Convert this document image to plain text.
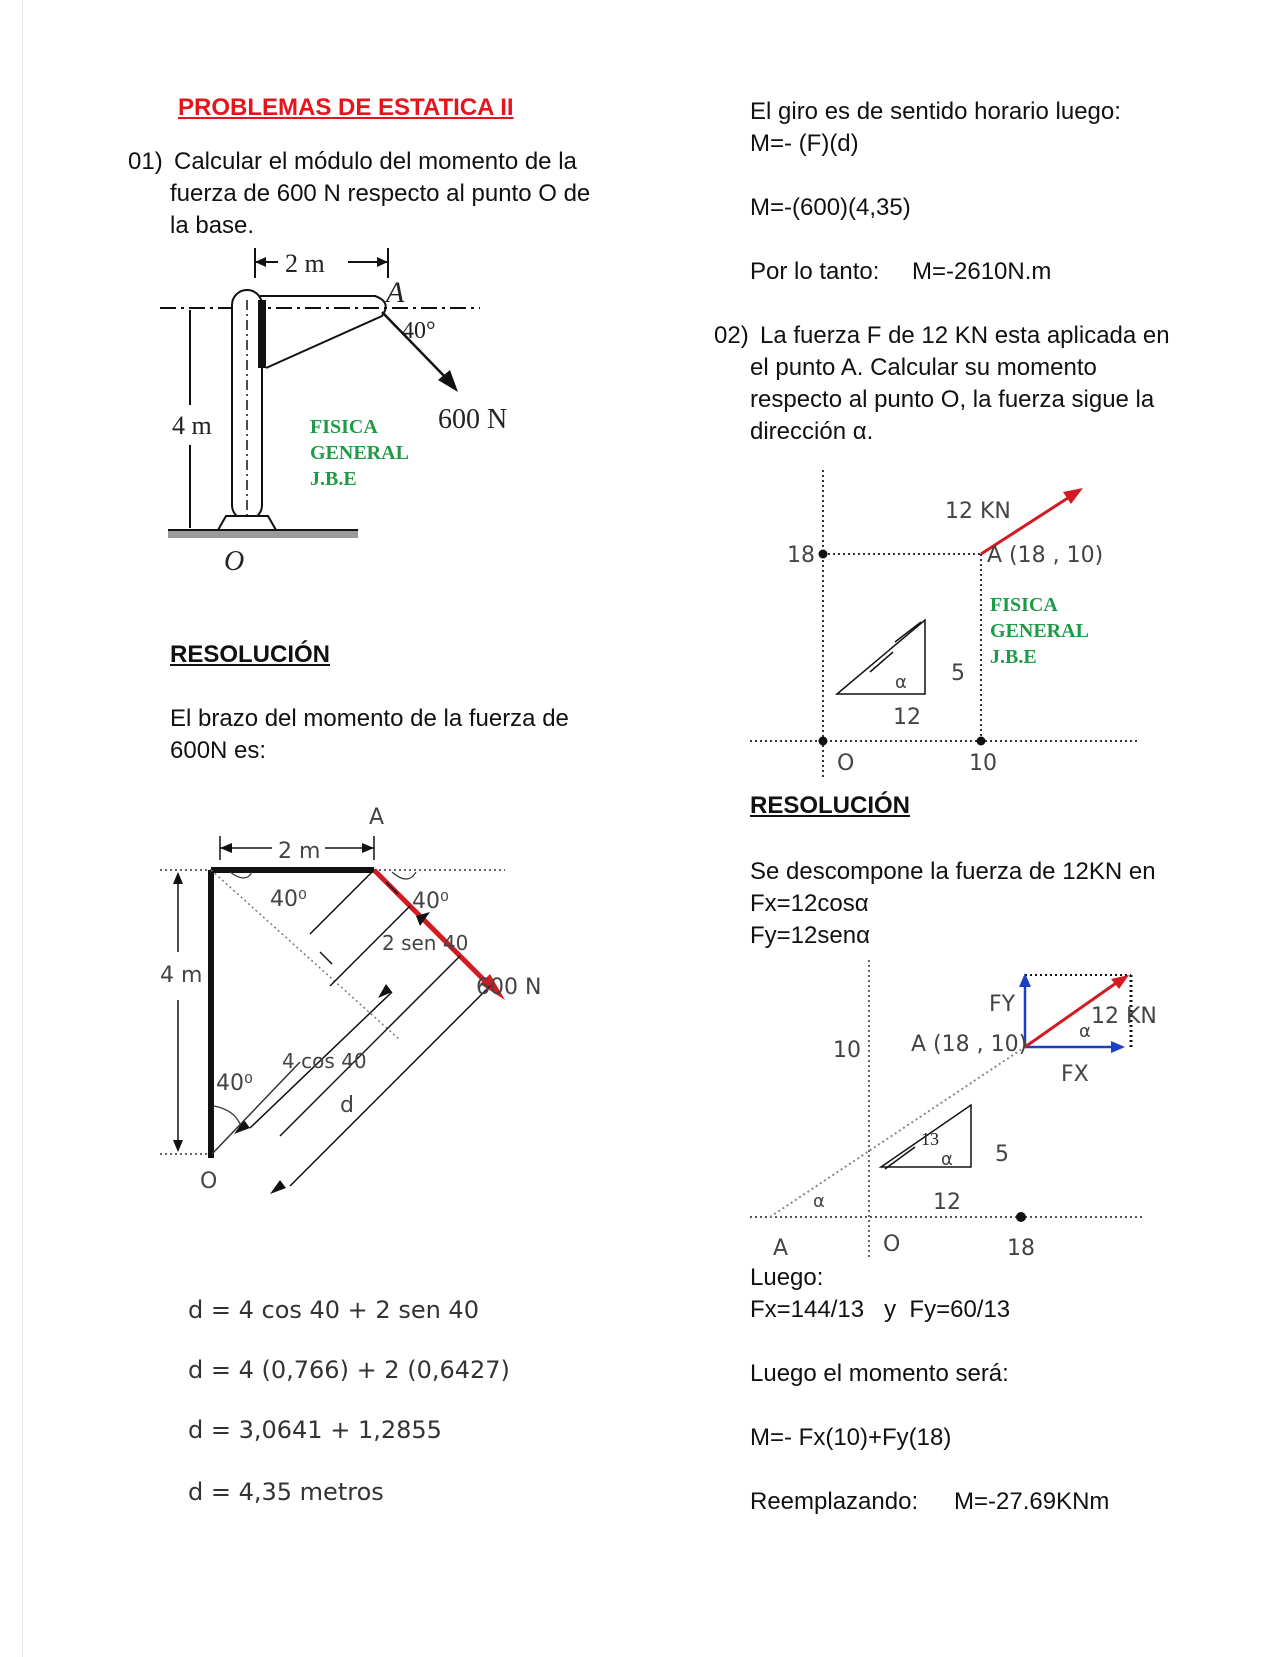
PROBLEMAS DE ESTATICA II
01) Calcular el módulo del momento de la
fuerza de 600 N respecto al punto O de
la base.
2 m
A
40°
600 N
4 m
O
FISICA
GENERAL
J.B.E
RESOLUCIÓN
El brazo del momento de la fuerza de
600N es:
A
2 m
40⁰	40⁰
2 sen 40
600 N
4 m
40⁰
4 cos 40
d
O
d = 4 cos 40 + 2 sen 40
d = 4 (0,766) + 2 (0,6427)
d = 3,0641 + 1,2855
d = 4,35 metros
El giro es de sentido horario luego:
M=- (F)(d)
M=-(600)(4,35)
Por lo tanto: M=-2610N.m
02) La fuerza F de 12 KN esta aplicada en
el punto A. Calcular su momento
respecto al punto O, la fuerza sigue la
dirección α.
12 KN
18	A (18 , 10)
α 5
12
O	10
FISICA
GENERAL
J.B.E
RESOLUCIÓN
Se descompone la fuerza de 12KN en
Fx=12cosα
Fy=12senα
FY	12 KN
α
10 A (18 , 10)
FX
13
α 5
12
α
A	O	18
Luego:
Fx=144/13   y  Fy=60/13
Luego el momento será:
M=- Fx(10)+Fy(18)
Reemplazando: M=-27.69KNm
